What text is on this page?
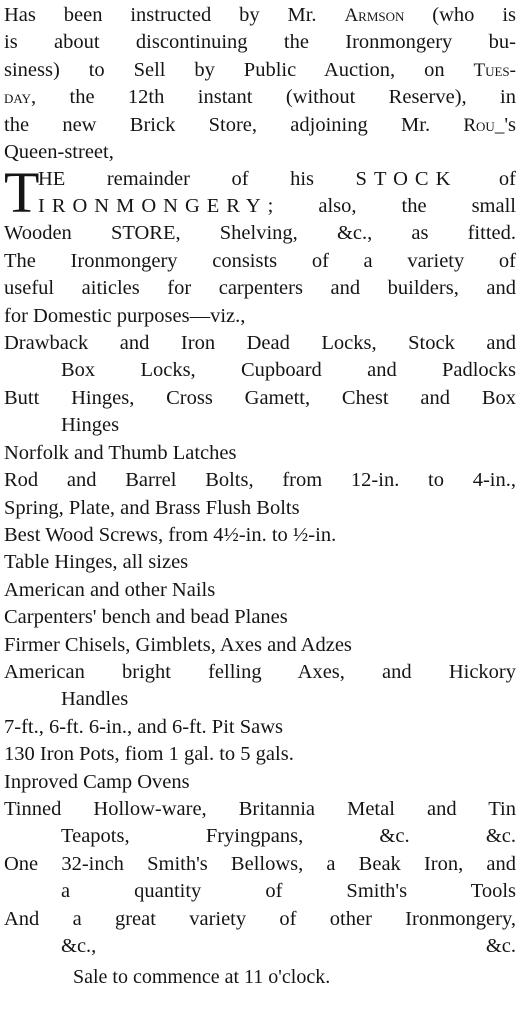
Has been instructed by Mr. Armson (who is
is about discontinuing the Ironmongery bu-
siness) to Sell by Public Auction, on Tues-
day, the 12th instant (without Reserve), in
the new Brick Store, adjoining Mr. Rou_'s
Queen-street,
T
HE remainder of his STOCK of
IRONMONGERY; also, the small
Wooden STORE, Shelving, &c., as fitted.
The Ironmongery consists of a variety of
useful aiticles for carpenters and builders, and
for Domestic purposes—viz.,
Drawback and Iron Dead Locks, Stock and
Box Locks, Cupboard and Padlocks
Butt Hinges, Cross Gamett, Chest and Box
Hinges
Norfolk and Thumb Latches
Rod and Barrel Bolts, from 12-in. to 4-in.,
Spring, Plate, and Brass Flush Bolts
Best Wood Screws, from 4½-in. to ½-in.
Table Hinges, all sizes
American and other Nails
Carpenters' bench and bead Planes
Firmer Chisels, Gimblets, Axes and Adzes
American bright felling Axes, and Hickory
Handles
7-ft., 6-ft. 6-in., and 6-ft. Pit Saws
130 Iron Pots, fiom 1 gal. to 5 gals.
Inproved Camp Ovens
Tinned Hollow-ware, Britannia Metal and Tin
Teapots, Fryingpans, &c. &c.
One 32-inch Smith's Bellows, a Beak Iron, and
a quantity of Smith's Tools
And a great variety of other Ironmongery,
&c., &c.
Sale to commence at 11 o'clock.
